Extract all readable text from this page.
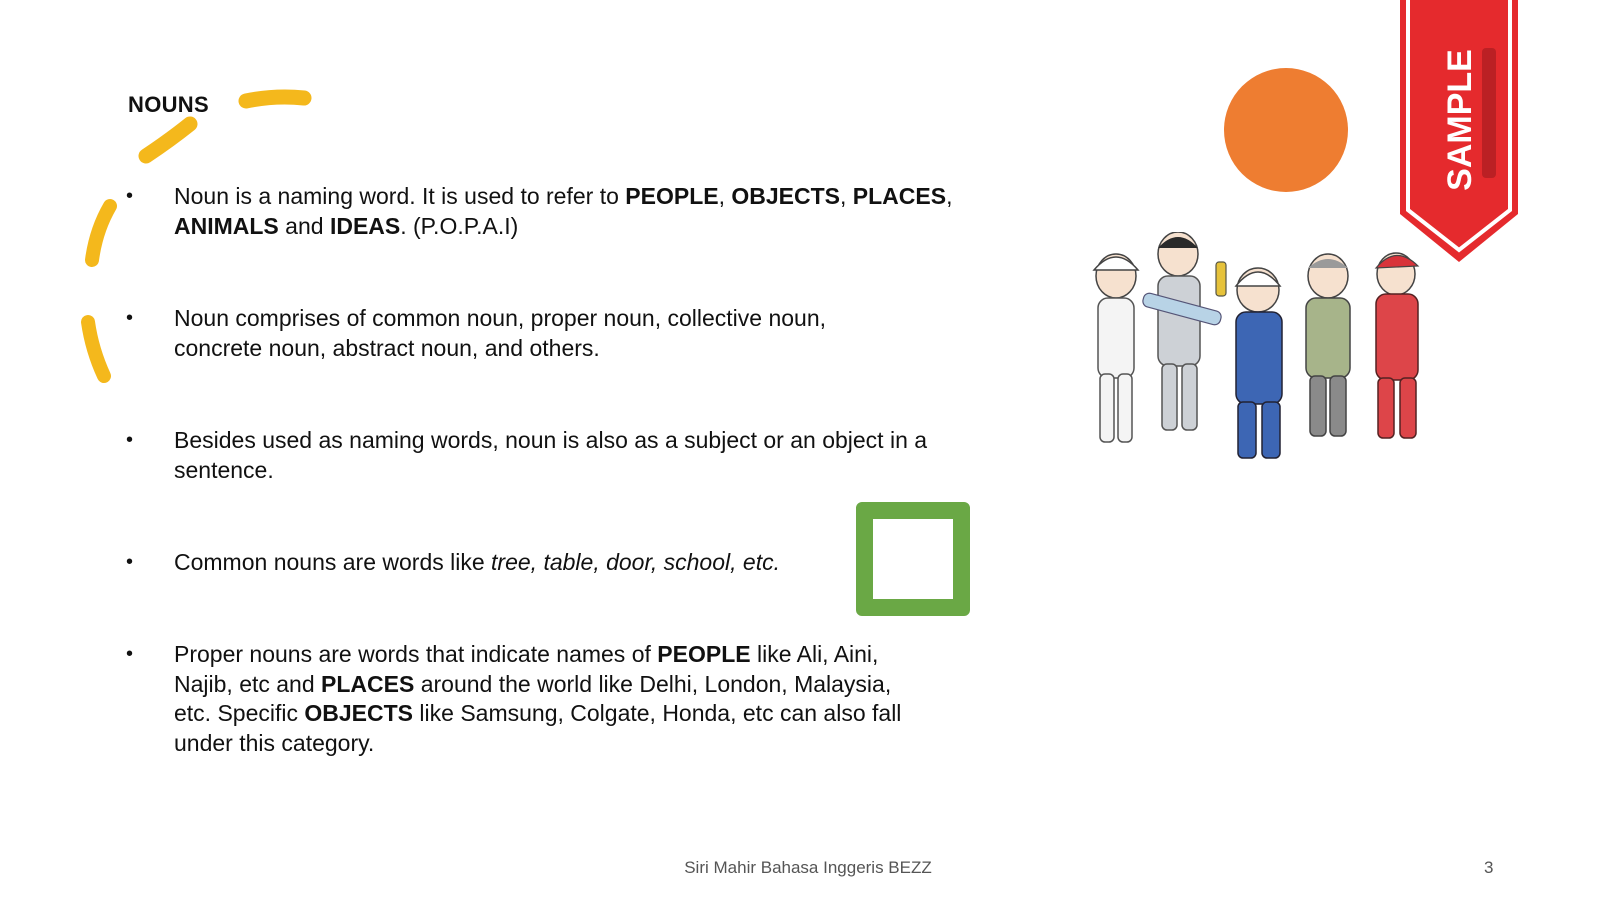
NOUNS
•	Noun is a naming word. It is used to refer to PEOPLE, OBJECTS, PLACES, ANIMALS and IDEAS. (P.O.P.A.I)
•	Noun comprises of common noun, proper noun, collective noun, concrete noun, abstract noun, and others.
•	Besides used as naming words, noun is also as a subject or an object in a sentence.
•	Common nouns are words like tree, table, door, school, etc.
•	Proper nouns are words that indicate names of PEOPLE like Ali, Aini, Najib, etc and PLACES around the world like Delhi, London, Malaysia, etc. Specific OBJECTS like Samsung, Colgate, Honda, etc can also fall under this category.
SAMPLE
Siri Mahir Bahasa Inggeris BEZZ	3
